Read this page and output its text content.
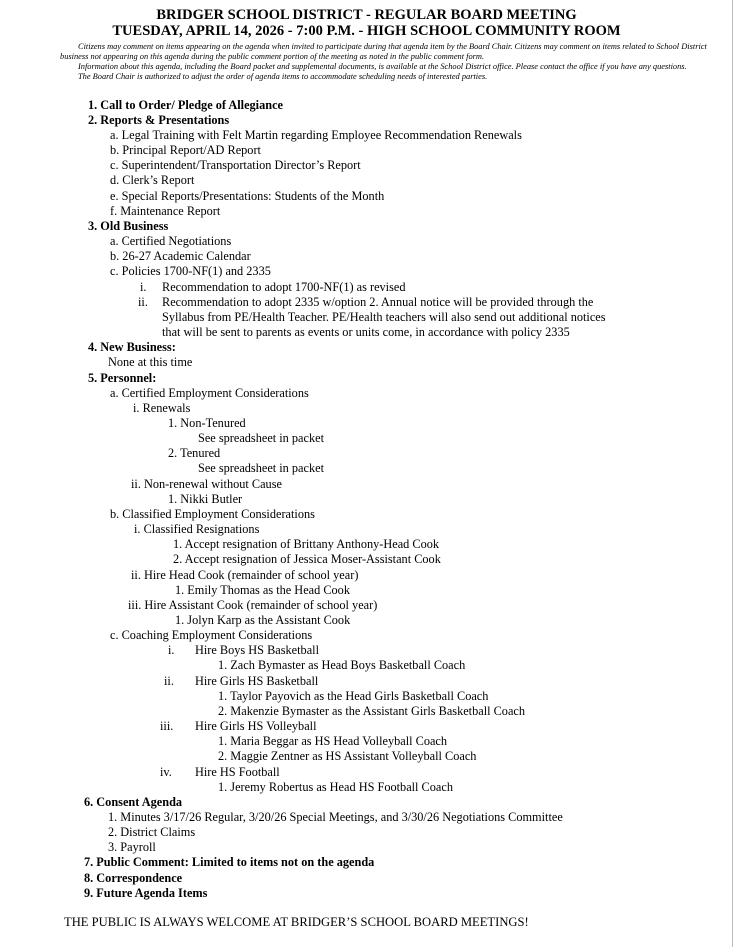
BRIDGER SCHOOL DISTRICT - REGULAR BOARD MEETING
TUESDAY, APRIL 14, 2026 - 7:00 P.M. - HIGH SCHOOL COMMUNITY ROOM
Citizens may comment on items appearing on the agenda when invited to participate during that agenda item by the Board Chair. Citizens may comment on items related to School District business not appearing on this agenda during the public comment portion of the meeting as noted in the public comment form.
Information about this agenda, including the Board packet and supplemental documents, is available at the School District office. Please contact the office if you have any questions.
The Board Chair is authorized to adjust the order of agenda items to accommodate scheduling needs of interested parties.
1. Call to Order/ Pledge of Allegiance
2. Reports & Presentations
a. Legal Training with Felt Martin regarding Employee Recommendation Renewals
b. Principal Report/AD Report
c. Superintendent/Transportation Director’s Report
d. Clerk’s Report
e. Special Reports/Presentations: Students of the Month
f. Maintenance Report
3. Old Business
a. Certified Negotiations
b. 26-27 Academic Calendar
c. Policies 1700-NF(1) and 2335
i. Recommendation to adopt 1700-NF(1) as revised
ii. Recommendation to adopt 2335 w/option 2. Annual notice will be provided through the
Syllabus from PE/Health Teacher. PE/Health teachers will also send out additional notices
that will be sent to parents as events or units come, in accordance with policy 2335
4. New Business:
None at this time
5. Personnel:
a. Certified Employment Considerations
i. Renewals
1. Non-Tenured
See spreadsheet in packet
2. Tenured
See spreadsheet in packet
ii. Non-renewal without Cause
1. Nikki Butler
b. Classified Employment Considerations
i. Classified Resignations
1. Accept resignation of Brittany Anthony-Head Cook
2. Accept resignation of Jessica Moser-Assistant Cook
ii. Hire Head Cook (remainder of school year)
1. Emily Thomas as the Head Cook
iii. Hire Assistant Cook (remainder of school year)
1. Jolyn Karp as the Assistant Cook
c. Coaching Employment Considerations
i. Hire Boys HS Basketball
1. Zach Bymaster as Head Boys Basketball Coach
ii. Hire Girls HS Basketball
1. Taylor Payovich as the Head Girls Basketball Coach
2. Makenzie Bymaster as the Assistant Girls Basketball Coach
iii. Hire Girls HS Volleyball
1. Maria Beggar as HS Head Volleyball Coach
2. Maggie Zentner as HS Assistant Volleyball Coach
iv. Hire HS Football
1. Jeremy Robertus as Head HS Football Coach
6. Consent Agenda
1. Minutes 3/17/26 Regular, 3/20/26 Special Meetings, and 3/30/26 Negotiations Committee
2. District Claims
3. Payroll
7. Public Comment: Limited to items not on the agenda
8. Correspondence
9. Future Agenda Items
THE PUBLIC IS ALWAYS WELCOME AT BRIDGER’S SCHOOL BOARD MEETINGS!
